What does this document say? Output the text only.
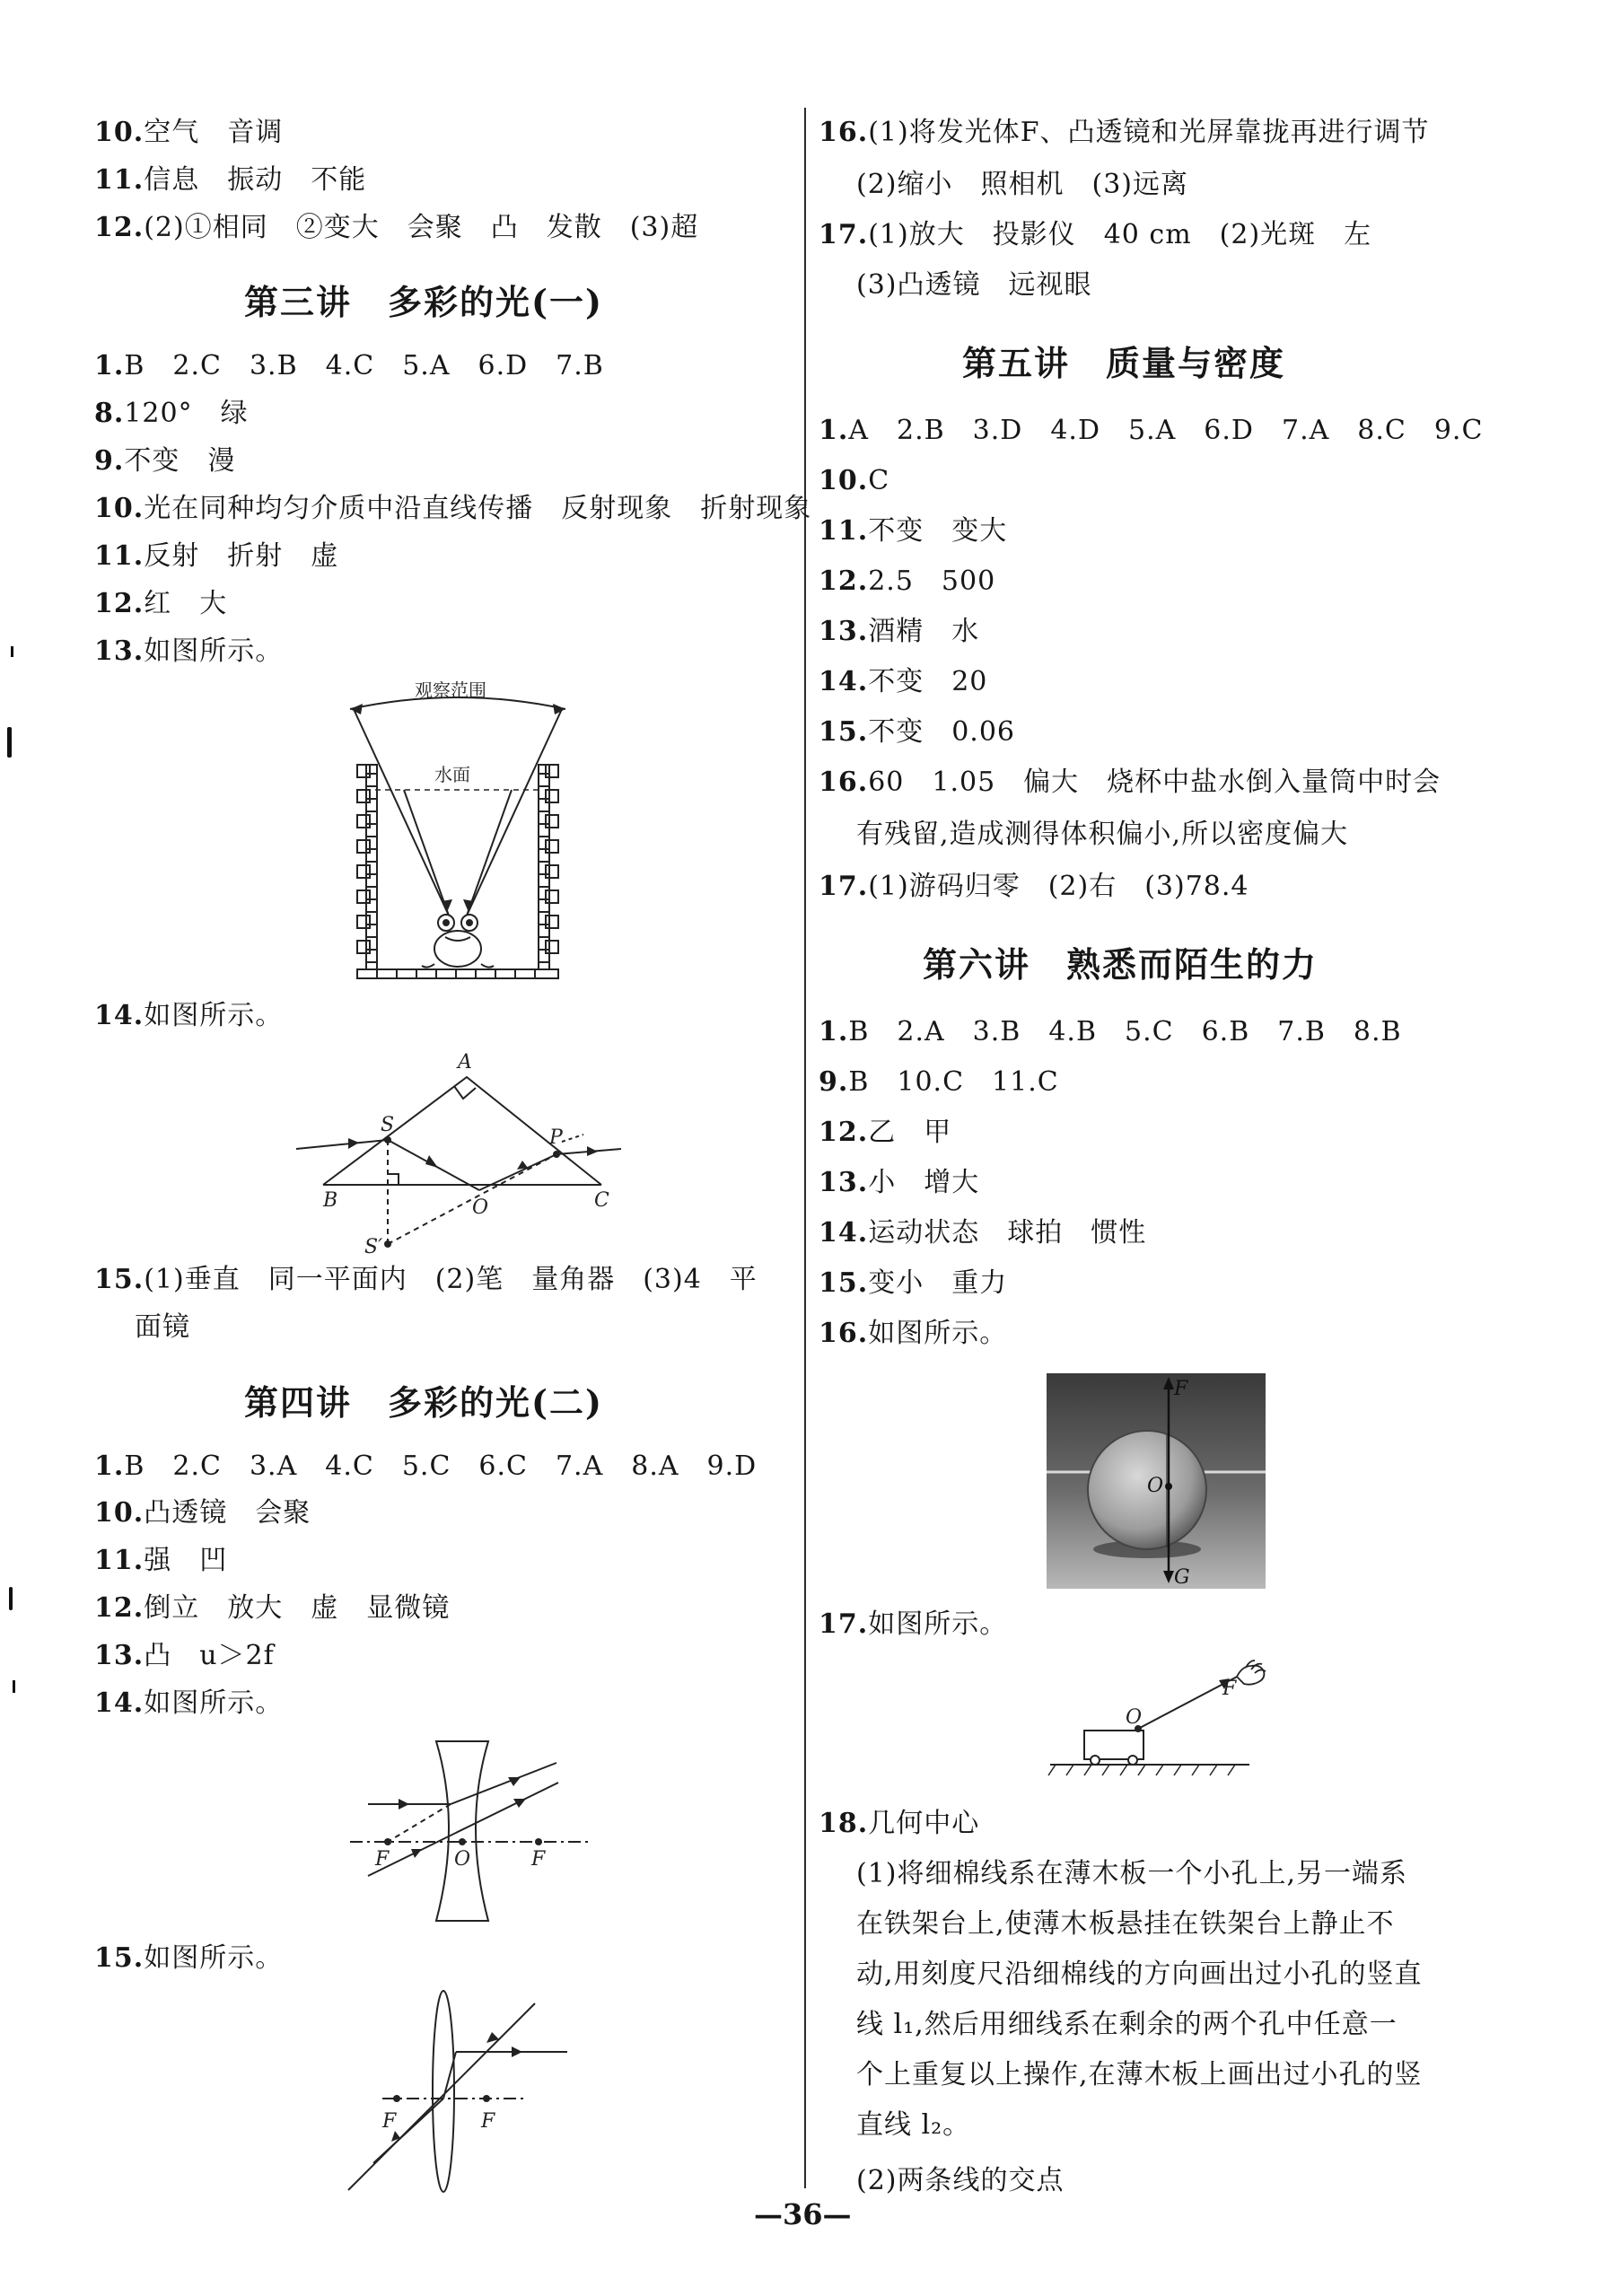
10.空气　音调
11.信息　振动　不能
12.(2)①相同　②变大　会聚　凸　发散　(3)超
第三讲　多彩的光(一)
1.B　2.C　3.B　4.C　5.A　6.D　7.B
8.120°　绿
9.不变　漫
10.光在同种均匀介质中沿直线传播　反射现象　折射现象
11.反射　折射　虚
12.红　大
13.如图所示。
观察范围
水面
14.如图所示。
A
S
P
B	O	C
S′
15.(1)垂直　同一平面内　(2)笔　量角器　(3)4　平
面镜
第四讲　多彩的光(二)
1.B　2.C　3.A　4.C　5.C　6.C　7.A　8.A　9.D
10.凸透镜　会聚
11.强　凹
12.倒立　放大　虚　显微镜
13.凸　u＞2f
14.如图所示。
F	O	F
15.如图所示。
F	F
16.(1)将发光体F、凸透镜和光屏靠拢再进行调节
(2)缩小　照相机　(3)远离
17.(1)放大　投影仪　40 cm　(2)光斑　左
(3)凸透镜　远视眼
第五讲　质量与密度
1.A　2.B　3.D　4.D　5.A　6.D　7.A　8.C　9.C
10.C
11.不变　变大
12.2.5　500
13.酒精　水
14.不变　20
15.不变　0.06
16.60　1.05　偏大　烧杯中盐水倒入量筒中时会
有残留,造成测得体积偏小,所以密度偏大
17.(1)游码归零　(2)右　(3)78.4
第六讲　熟悉而陌生的力
1.B　2.A　3.B　4.B　5.C　6.B　7.B　8.B
9.B　10.C　11.C
12.乙　甲
13.小　增大
14.运动状态　球拍　惯性
15.变小　重力
16.如图所示。
F
O
G
17.如图所示。
O
F
18.几何中心
(1)将细棉线系在薄木板一个小孔上,另一端系
在铁架台上,使薄木板悬挂在铁架台上静止不
动,用刻度尺沿细棉线的方向画出过小孔的竖直
线 l₁,然后用细线系在剩余的两个孔中任意一
个上重复以上操作,在薄木板上画出过小孔的竖
直线 l₂。
(2)两条线的交点
—36—
